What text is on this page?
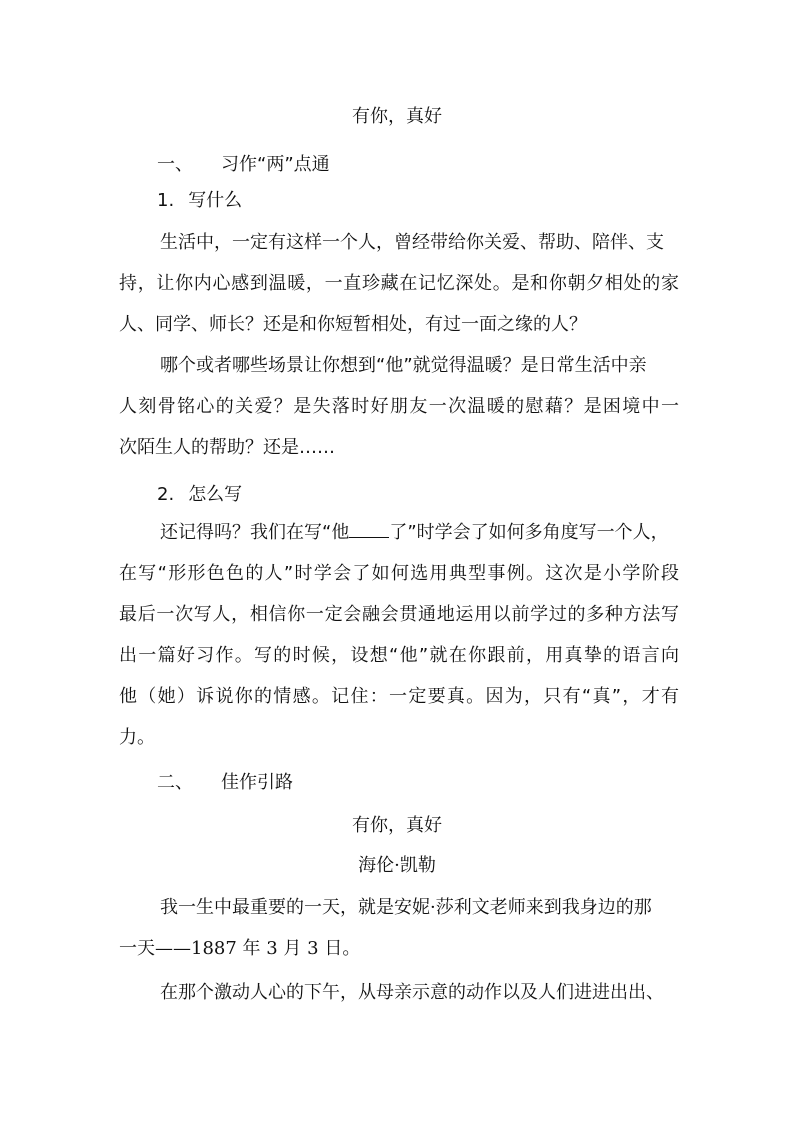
有你，真好
一、 习作“两”点通
1. 写什么
生活中，一定有这样一个人，曾经带给你关爱、帮助、陪伴、支
持，让你内心感到温暖，一直珍藏在记忆深处。是和你朝夕相处的家
人、同学、师长？还是和你短暂相处，有过一面之缘的人？
哪个或者哪些场景让你想到“他”就觉得温暖？是日常生活中亲
人刻骨铭心的关爱？是失落时好朋友一次温暖的慰藉？是困境中一
次陌生人的帮助？还是……
2. 怎么写
还记得吗？我们在写“他 了”时学会了如何多角度写一个人，
在写“形形色色的人”时学会了如何选用典型事例。这次是小学阶段
最后一次写人，相信你一定会融会贯通地运用以前学过的多种方法写
出一篇好习作。写的时候，设想“他”就在你跟前，用真挚的语言向
他（她）诉说你的情感。记住：一定要真。因为，只有“真”，才有
力。
二、 佳作引路
有你，真好
海伦·凯勒
我一生中最重要的一天，就是安妮·莎利文老师来到我身边的那
一天——1887 年 3 月 3 日。
在那个激动人心的下午，从母亲示意的动作以及人们进进出出、
